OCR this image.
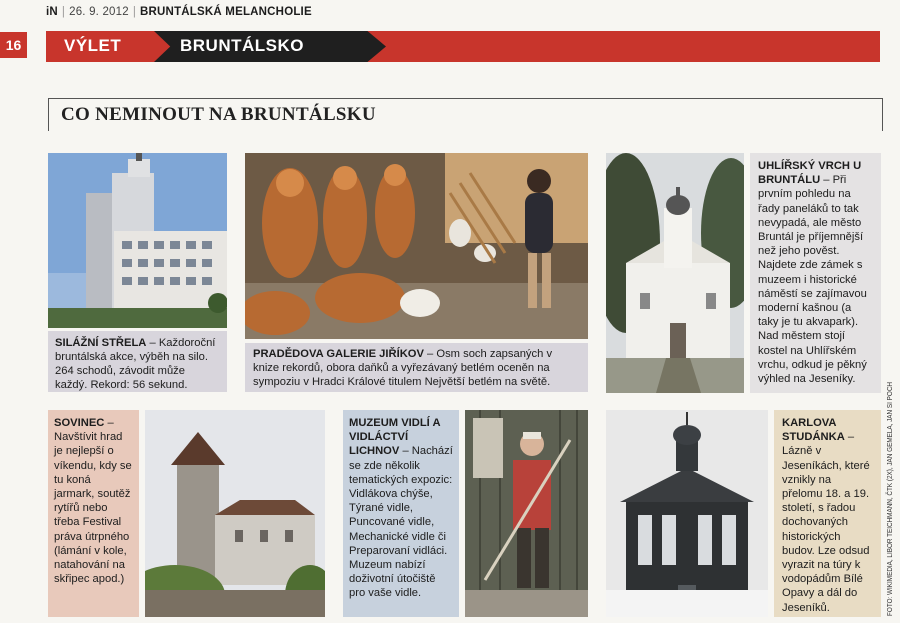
iN | 26. 9. 2012 | BRUNTÁLSKÁ MELANCHOLIE
16	VÝLET	BRUNTÁLSKO
CO NEMINOUT NA BRUNTÁLSKU
SILÁŽNÍ STŘELA – Každoroční bruntálská akce, výběh na silo. 264 schodů, závodit může každý. Rekord: 56 sekund.
PRADĚDOVA GALERIE JIŘÍKOV – Osm soch zapsaných v knize rekordů, obora daňků a vyřezávaný betlém oceněn na sympoziu v Hradci Králové titulem Největší betlém na světě.
UHLÍŘSKÝ VRCH U BRUNTÁLU – Při prvním pohledu na řady paneláků to tak nevypadá, ale město Bruntál je příjemnější než jeho pověst. Najdete zde zámek s muzeem i historické náměstí se zajímavou moderní kašnou (a taky je tu akvapark). Nad městem stojí kostel na Uhlířském vrchu, odkud je pěkný výhled na Jeseníky.
SOVINEC – Navštívit hrad je nejlepší o víkendu, kdy se tu koná jarmark, soutěž rytířů nebo třeba Festival práva útrpného (lámání v kole, natahování na skřipec apod.)
MUZEUM VIDLÍ A VIDLÁCTVÍ LICHNOV – Nachází se zde několik tematických expozic: Vidlákova chýše, Týrané vidle, Puncované vidle, Mechanické vidle či Preparovaní vidláci. Muzeum nabízí doživotní útočiště pro vaše vidle.
KARLOVA STUDÁNKA – Lázně v Jeseníkách, které vznikly na přelomu 18. a 19. století, s řadou dochovaných historických budov. Lze odsud vyrazit na túry k vodopádům Bílé Opavy a dál do Jeseníků.	FOTO: WIKIMEDIA, LIBOR TEICHMANN, ČTK (2X), JAN GEMELA, JAN SI POCH
